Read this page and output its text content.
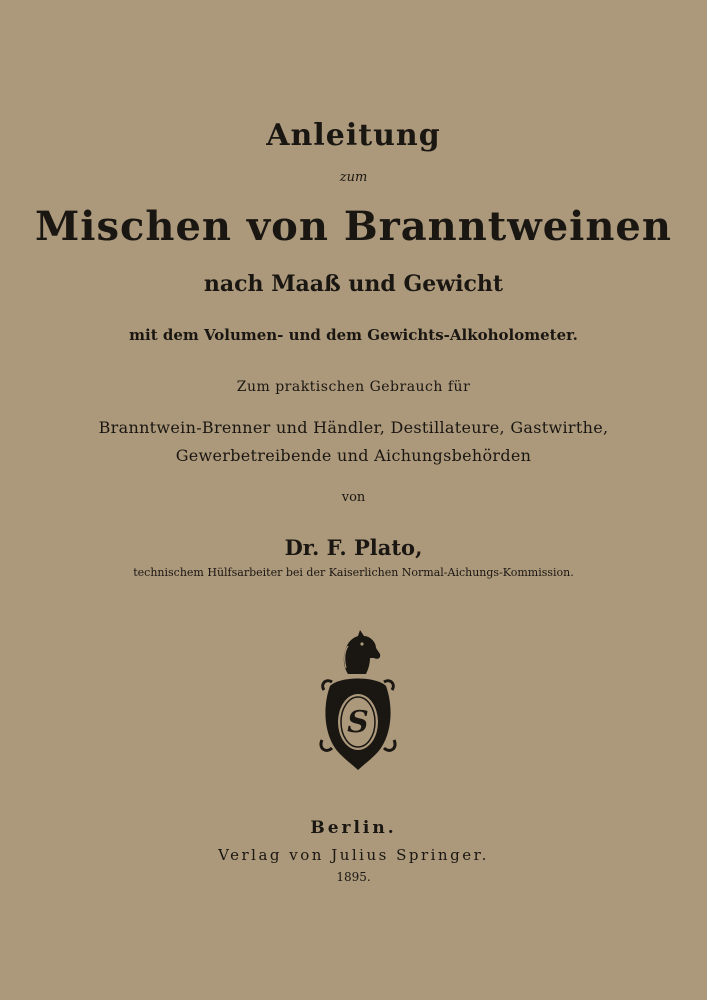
Anleitung
zum
Mischen von Branntweinen
nach Maaß und Gewicht
mit dem Volumen- und dem Gewichts-Alkoholometer.
Zum praktischen Gebrauch für
Branntwein-Brenner und Händler, Destillateure, Gastwirthe,
Gewerbetreibende und Aichungsbehörden
von
Dr. F. Plato,
technischem Hülfsarbeiter bei der Kaiserlichen Normal-Aichungs-Kommission.
S
Berlin.
Verlag von Julius Springer.
1895.
